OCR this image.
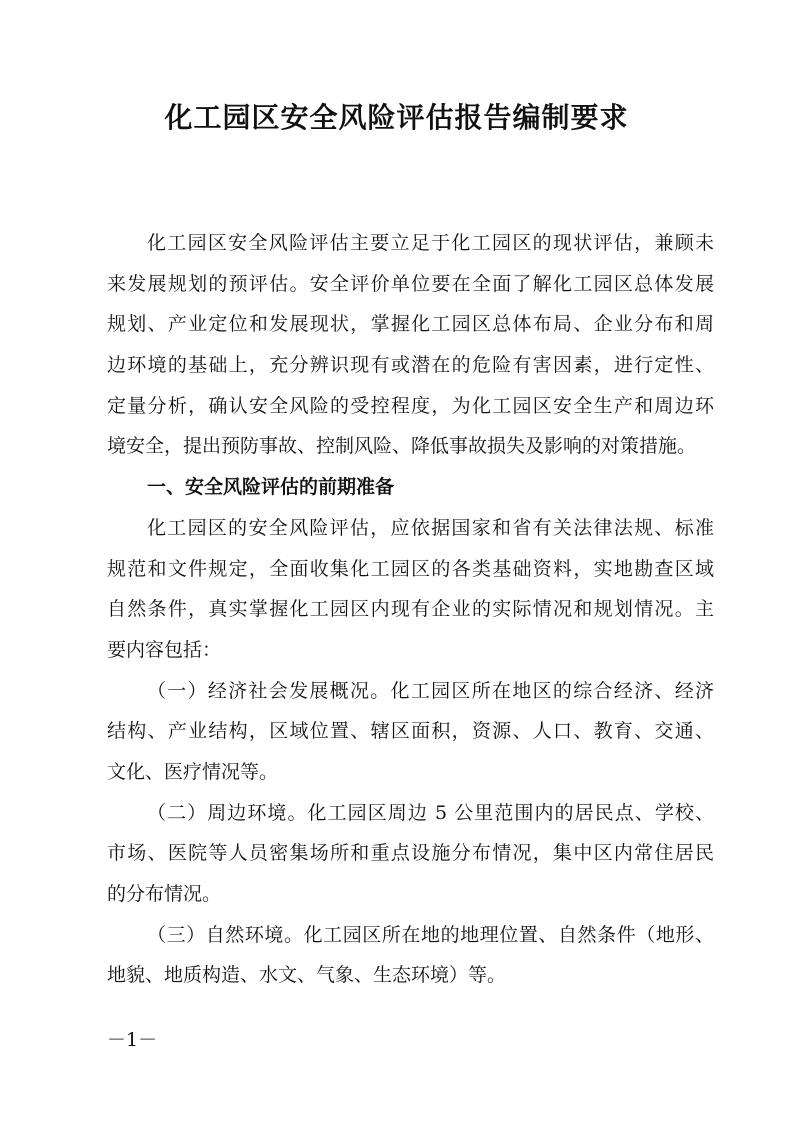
化工园区安全风险评估报告编制要求
化工园区安全风险评估主要立足于化工园区的现状评估，兼顾未
来发展规划的预评估。安全评价单位要在全面了解化工园区总体发展
规划、产业定位和发展现状，掌握化工园区总体布局、企业分布和周
边环境的基础上，充分辨识现有或潜在的危险有害因素，进行定性、
定量分析，确认安全风险的受控程度，为化工园区安全生产和周边环
境安全，提出预防事故、控制风险、降低事故损失及影响的对策措施。
一、安全风险评估的前期准备
化工园区的安全风险评估，应依据国家和省有关法律法规、标准
规范和文件规定，全面收集化工园区的各类基础资料，实地勘查区域
自然条件，真实掌握化工园区内现有企业的实际情况和规划情况。主
要内容包括：
（一）经济社会发展概况。化工园区所在地区的综合经济、经济
结构、产业结构，区域位置、辖区面积，资源、人口、教育、交通、
文化、医疗情况等。
（二）周边环境。化工园区周边 5 公里范围内的居民点、学校、
市场、医院等人员密集场所和重点设施分布情况，集中区内常住居民
的分布情况。
（三）自然环境。化工园区所在地的地理位置、自然条件（地形、
地貌、地质构造、水文、气象、生态环境）等。
－1－
